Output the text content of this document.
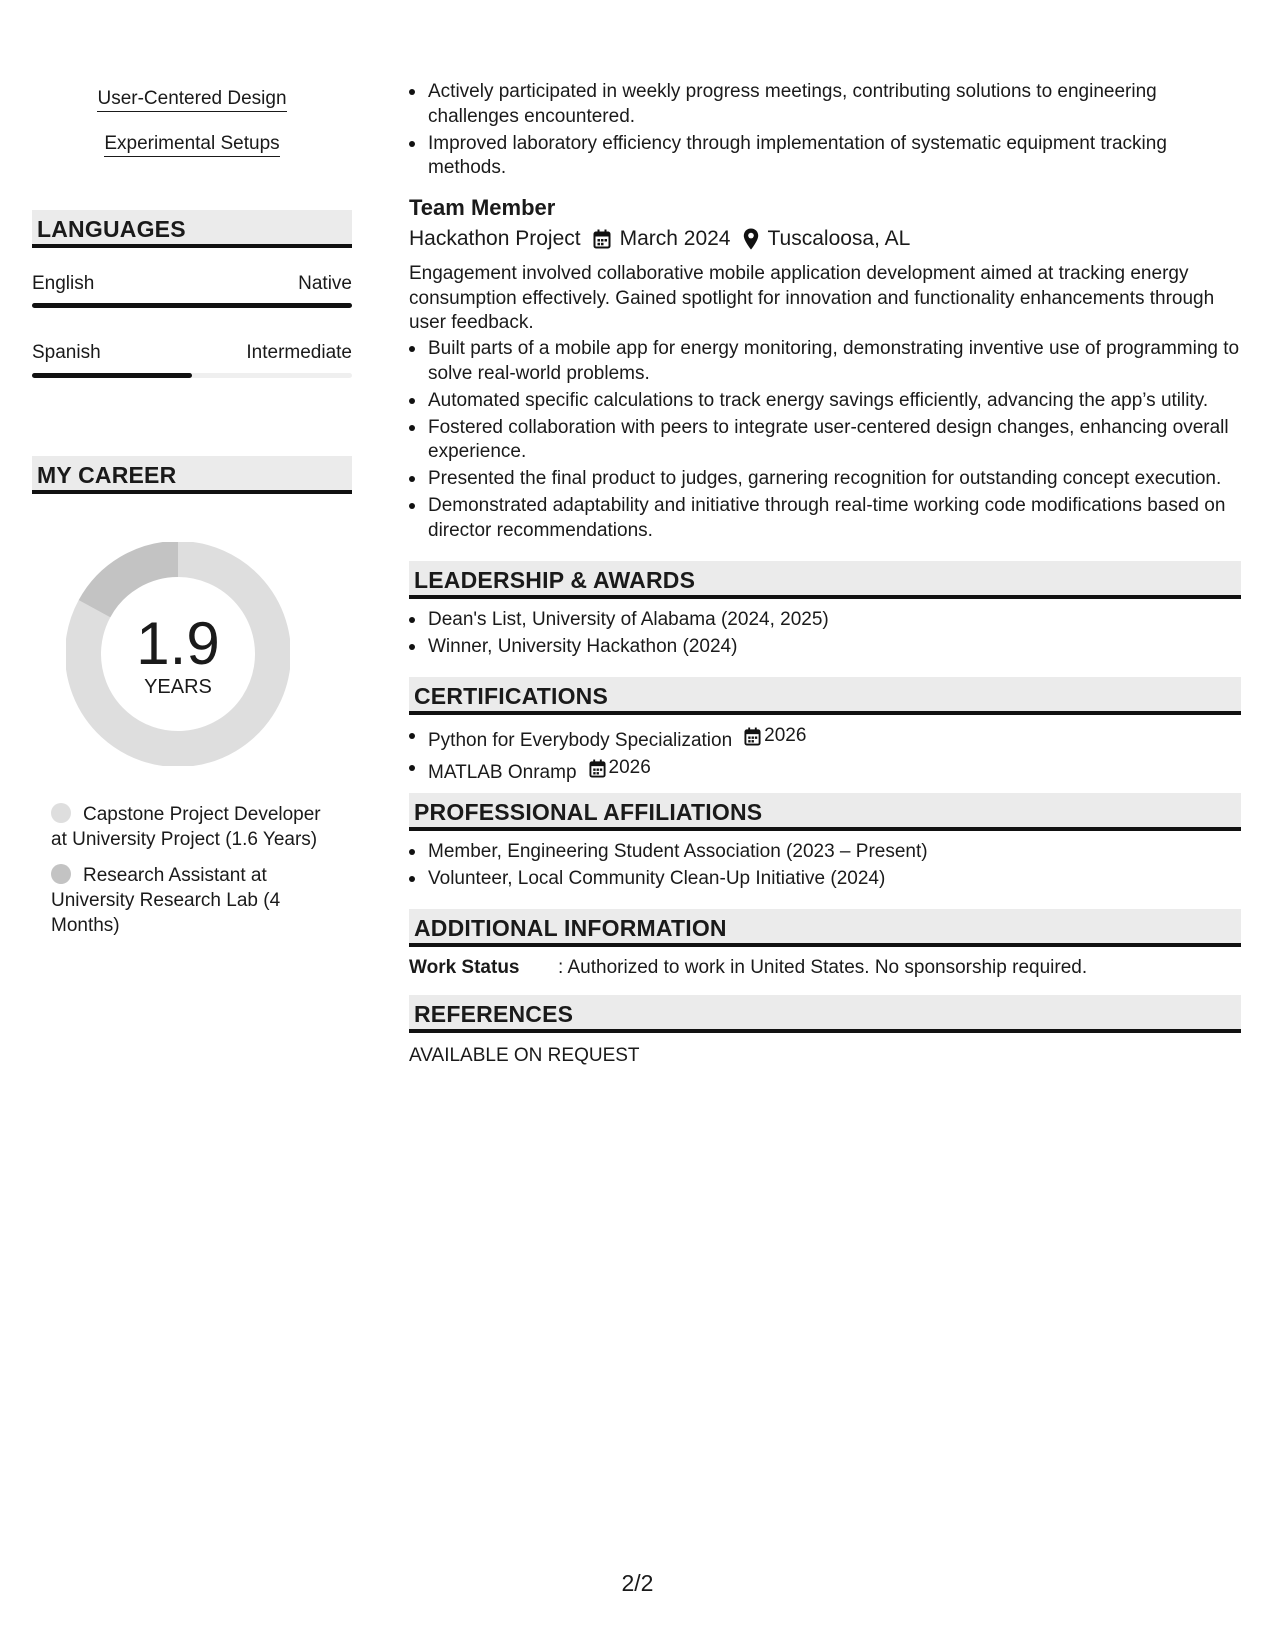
User-Centered Design
Experimental Setups
LANGUAGES
English	Native
Spanish	Intermediate
MY CAREER
1.9
YEARS
Capstone Project Developer at University Project (1.6 Years)
Research Assistant at University Research Lab (4 Months)
Actively participated in weekly progress meetings, contributing solutions to engineering challenges encountered.
Improved laboratory efficiency through implementation of systematic equipment tracking methods.
Team Member
Hackathon Project March 2024 Tuscaloosa, AL
Engagement involved collaborative mobile application development aimed at tracking energy consumption effectively. Gained spotlight for innovation and functionality enhancements through user feedback.
Built parts of a mobile app for energy monitoring, demonstrating inventive use of programming to solve real-world problems.
Automated specific calculations to track energy savings efficiently, advancing the app’s utility.
Fostered collaboration with peers to integrate user-centered design changes, enhancing overall experience.
Presented the final product to judges, garnering recognition for outstanding concept execution.
Demonstrated adaptability and initiative through real-time working code modifications based on director recommendations.
LEADERSHIP & AWARDS
Dean's List, University of Alabama (2024, 2025)
Winner, University Hackathon (2024)
CERTIFICATIONS
Python for Everybody Specialization 2026
MATLAB Onramp 2026
PROFESSIONAL AFFILIATIONS
Member, Engineering Student Association (2023 – Present)
Volunteer, Local Community Clean-Up Initiative (2024)
ADDITIONAL INFORMATION
Work Status : Authorized to work in United States. No sponsorship required.
REFERENCES
AVAILABLE ON REQUEST
2/2
